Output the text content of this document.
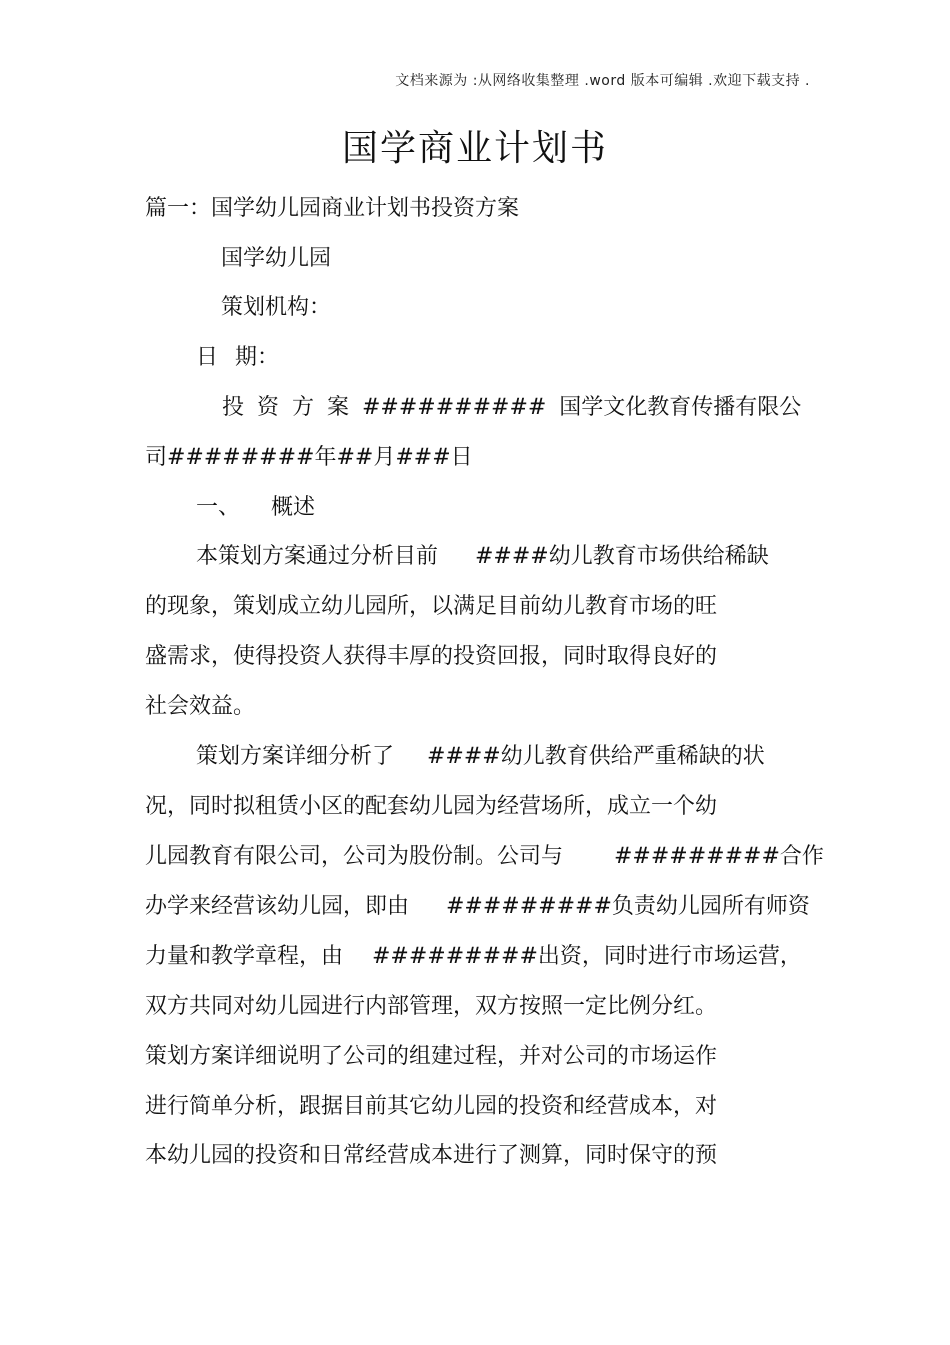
文档来源为 :从网络收集整理 .word 版本可编辑 .欢迎下载支持 .
国学商业计划书
篇一：国学幼儿园商业计划书投资方案
国学幼儿园
策划机构：
日 期：
投 资 方 案 ########## 国学文化教育传播有限公
司########年##月###日
一、 概述
本策划方案通过分析目前 ####幼儿教育市场供给稀缺
的现象，策划成立幼儿园所，以满足目前幼儿教育市场的旺
盛需求，使得投资人获得丰厚的投资回报，同时取得良好的
社会效益。
策划方案详细分析了 ####幼儿教育供给严重稀缺的状
况，同时拟租赁小区的配套幼儿园为经营场所，成立一个幼
儿园教育有限公司，公司为股份制。公司与 #########合作
办学来经营该幼儿园，即由 #########负责幼儿园所有师资
力量和教学章程，由 #########出资，同时进行市场运营，
双方共同对幼儿园进行内部管理，双方按照一定比例分红。
策划方案详细说明了公司的组建过程，并对公司的市场运作
进行简单分析，跟据目前其它幼儿园的投资和经营成本，对
本幼儿园的投资和日常经营成本进行了测算，同时保守的预
